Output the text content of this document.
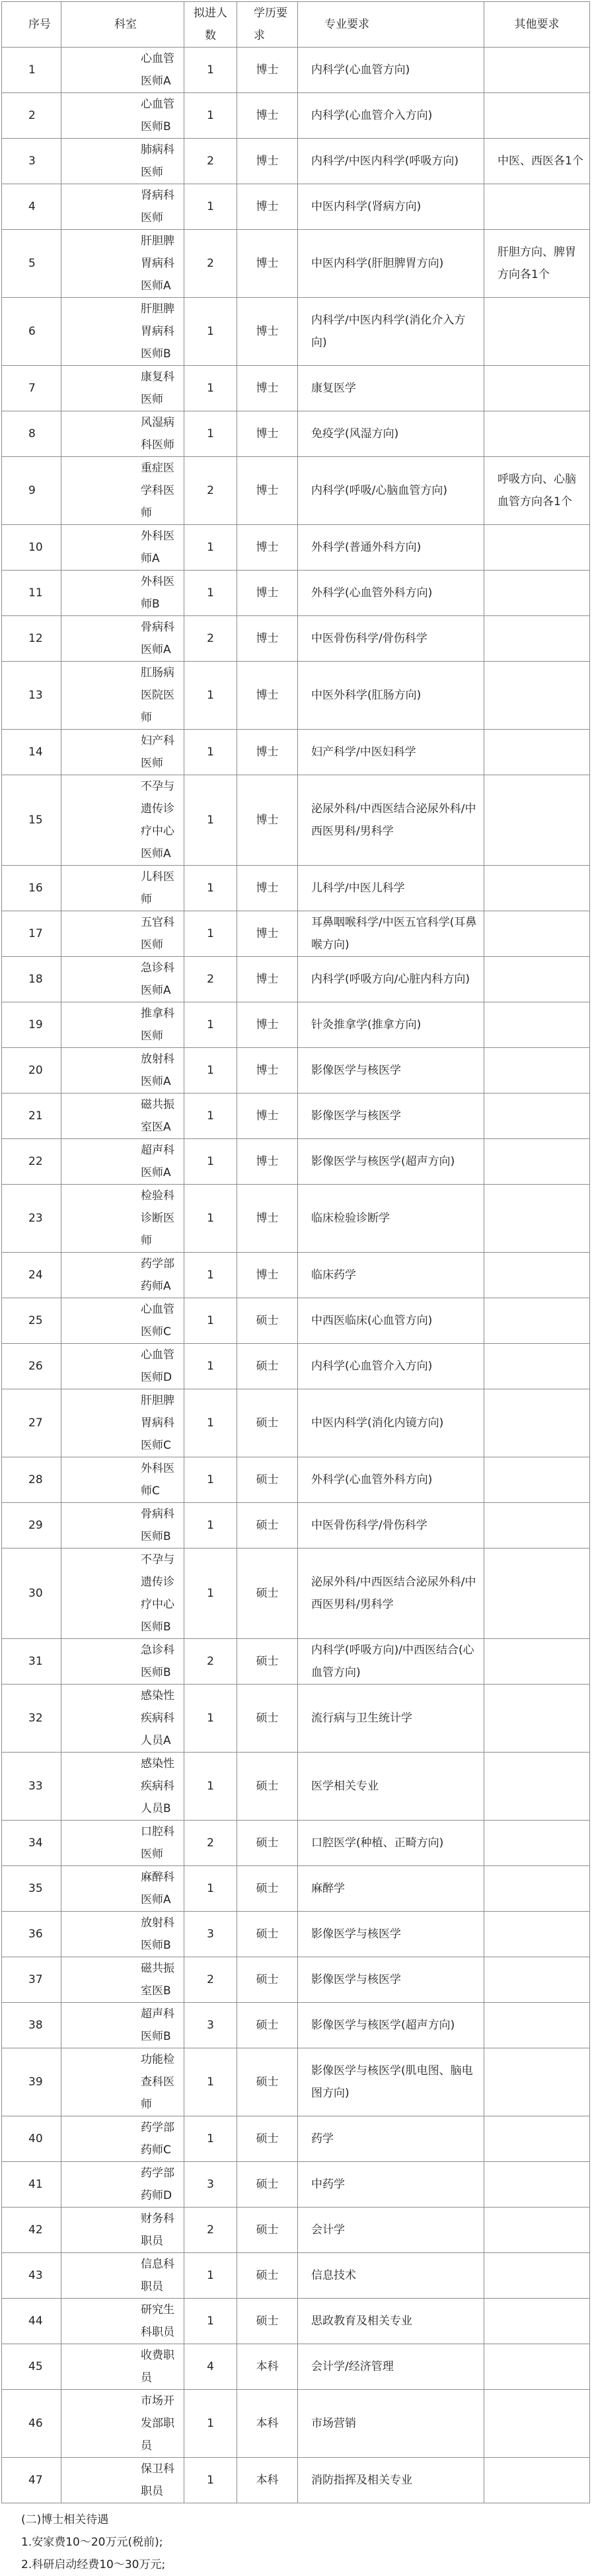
序号	科室	拟进人数	学历要求	专业要求	其他要求
1	心血管医师A	1	博士	内科学(心血管方向)	
2	心血管医师B	1	博士	内科学(心血管介入方向)	
3	肺病科医师	2	博士	内科学/中医内科学(呼吸方向)	中医、西医各1个
4	肾病科医师	1	博士	中医内科学(肾病方向)	
5	肝胆脾胃病科医师A	2	博士	中医内科学(肝胆脾胃方向)	肝胆方向、脾胃方向各1个
6	肝胆脾胃病科医师B	1	博士	内科学/中医内科学(消化介入方向)	
7	康复科医师	1	博士	康复医学	
8	风湿病科医师	1	博士	免疫学(风湿方向)	
9	重症医学科医师	2	博士	内科学(呼吸/心脑血管方向)	呼吸方向、心脑血管方向各1个
10	外科医师A	1	博士	外科学(普通外科方向)	
11	外科医师B	1	博士	外科学(心血管外科方向)	
12	骨病科医师A	2	博士	中医骨伤科学/骨伤科学	
13	肛肠病医院医师	1	博士	中医外科学(肛肠方向)	
14	妇产科医师	1	博士	妇产科学/中医妇科学	
15	不孕与遗传诊疗中心医师A	1	博士	泌尿外科/中西医结合泌尿外科/中西医男科/男科学	
16	儿科医师	1	博士	儿科学/中医儿科学	
17	五官科医师	1	博士	耳鼻咽喉科学/中医五官科学(耳鼻喉方向)	
18	急诊科医师A	2	博士	内科学(呼吸方向/心脏内科方向)	
19	推拿科医师	1	博士	针灸推拿学(推拿方向)	
20	放射科医师A	1	博士	影像医学与核医学	
21	磁共振室医A	1	博士	影像医学与核医学	
22	超声科医师A	1	博士	影像医学与核医学(超声方向)	
23	检验科诊断医师	1	博士	临床检验诊断学	
24	药学部药师A	1	博士	临床药学	
25	心血管医师C	1	硕士	中西医临床(心血管方向)	
26	心血管医师D	1	硕士	内科学(心血管介入方向)	
27	肝胆脾胃病科医师C	1	硕士	中医内科学(消化内镜方向)	
28	外科医师C	1	硕士	外科学(心血管外科方向)	
29	骨病科医师B	1	硕士	中医骨伤科学/骨伤科学	
30	不孕与遗传诊疗中心医师B	1	硕士	泌尿外科/中西医结合泌尿外科/中西医男科/男科学	
31	急诊科医师B	2	硕士	内科学(呼吸方向)/中西医结合(心血管方向)	
32	感染性疾病科人员A	1	硕士	流行病与卫生统计学	
33	感染性疾病科人员B	1	硕士	医学相关专业	
34	口腔科医师	2	硕士	口腔医学(种植、正畸方向)	
35	麻醉科医师A	1	硕士	麻醉学	
36	放射科医师B	3	硕士	影像医学与核医学	
37	磁共振室医B	2	硕士	影像医学与核医学	
38	超声科医师B	3	硕士	影像医学与核医学(超声方向)	
39	功能检查科医师	1	硕士	影像医学与核医学(肌电图、脑电图方向)	
40	药学部药师C	1	硕士	药学	
41	药学部药师D	3	硕士	中药学	
42	财务科职员	2	硕士	会计学	
43	信息科职员	1	硕士	信息技术	
44	研究生科职员	1	硕士	思政教育及相关专业	
45	收费职员	4	本科	会计学/经济管理	
46	市场开发部职员	1	本科	市场营销	
47	保卫科职员	1	本科	消防指挥及相关专业	
(二)博士相关待遇
1.安家费10～20万元(税前);
2.科研启动经费10～30万元;
